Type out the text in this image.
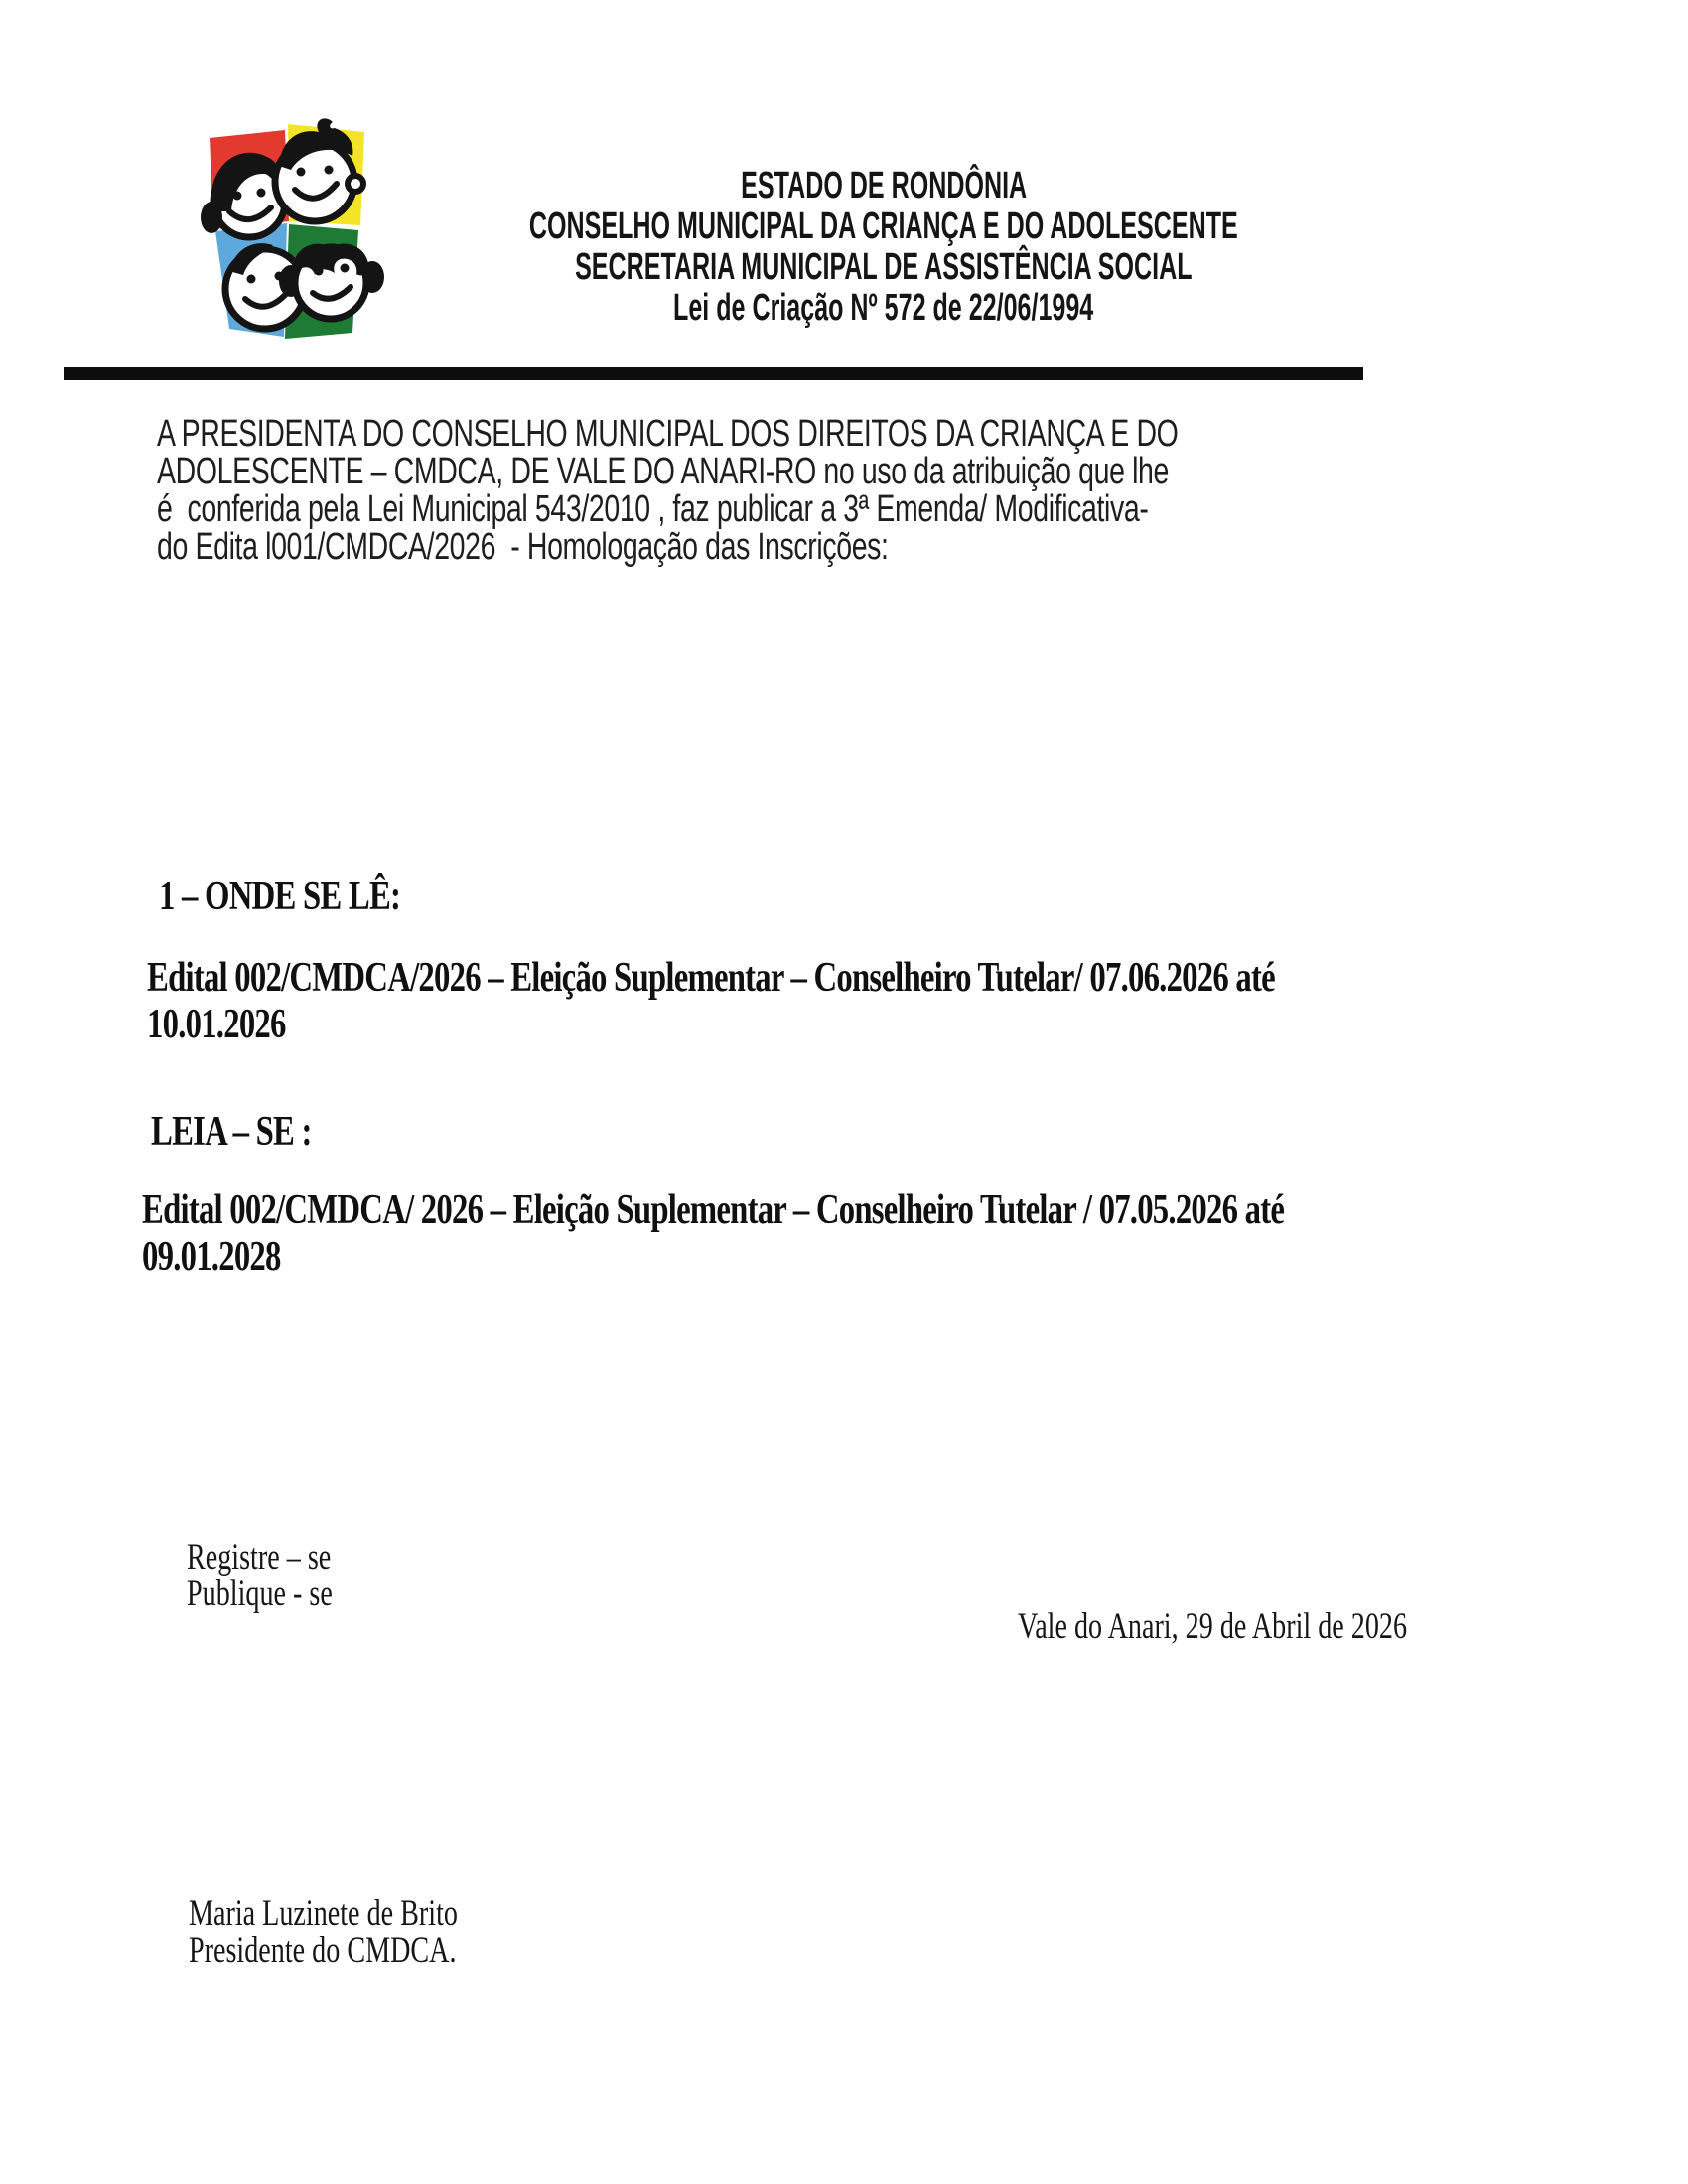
ESTADO DE RONDÔNIA
CONSELHO MUNICIPAL DA CRIANÇA E DO ADOLESCENTE
SECRETARIA MUNICIPAL DE ASSISTÊNCIA SOCIAL
Lei de Criação Nº 572 de 22/06/1994
A PRESIDENTA DO CONSELHO MUNICIPAL DOS DIREITOS DA CRIANÇA E DO
ADOLESCENTE – CMDCA, DE VALE DO ANARI-RO no uso da atribuição que lhe
é  conferida pela Lei Municipal 543/2010 , faz publicar a 3ª Emenda/ Modificativa-
do Edita l001/CMDCA/2026  - Homologação das Inscrições:
1 – ONDE SE LÊ:
Edital 002/CMDCA/2026 – Eleição Suplementar – Conselheiro Tutelar/ 07.06.2026 até
10.01.2026
LEIA – SE :
Edital 002/CMDCA/ 2026 – Eleição Suplementar – Conselheiro Tutelar / 07.05.2026 até
09.01.2028
Registre – se
Publique - se
Vale do Anari, 29 de Abril de 2026
Maria Luzinete de Brito
Presidente do CMDCA.
